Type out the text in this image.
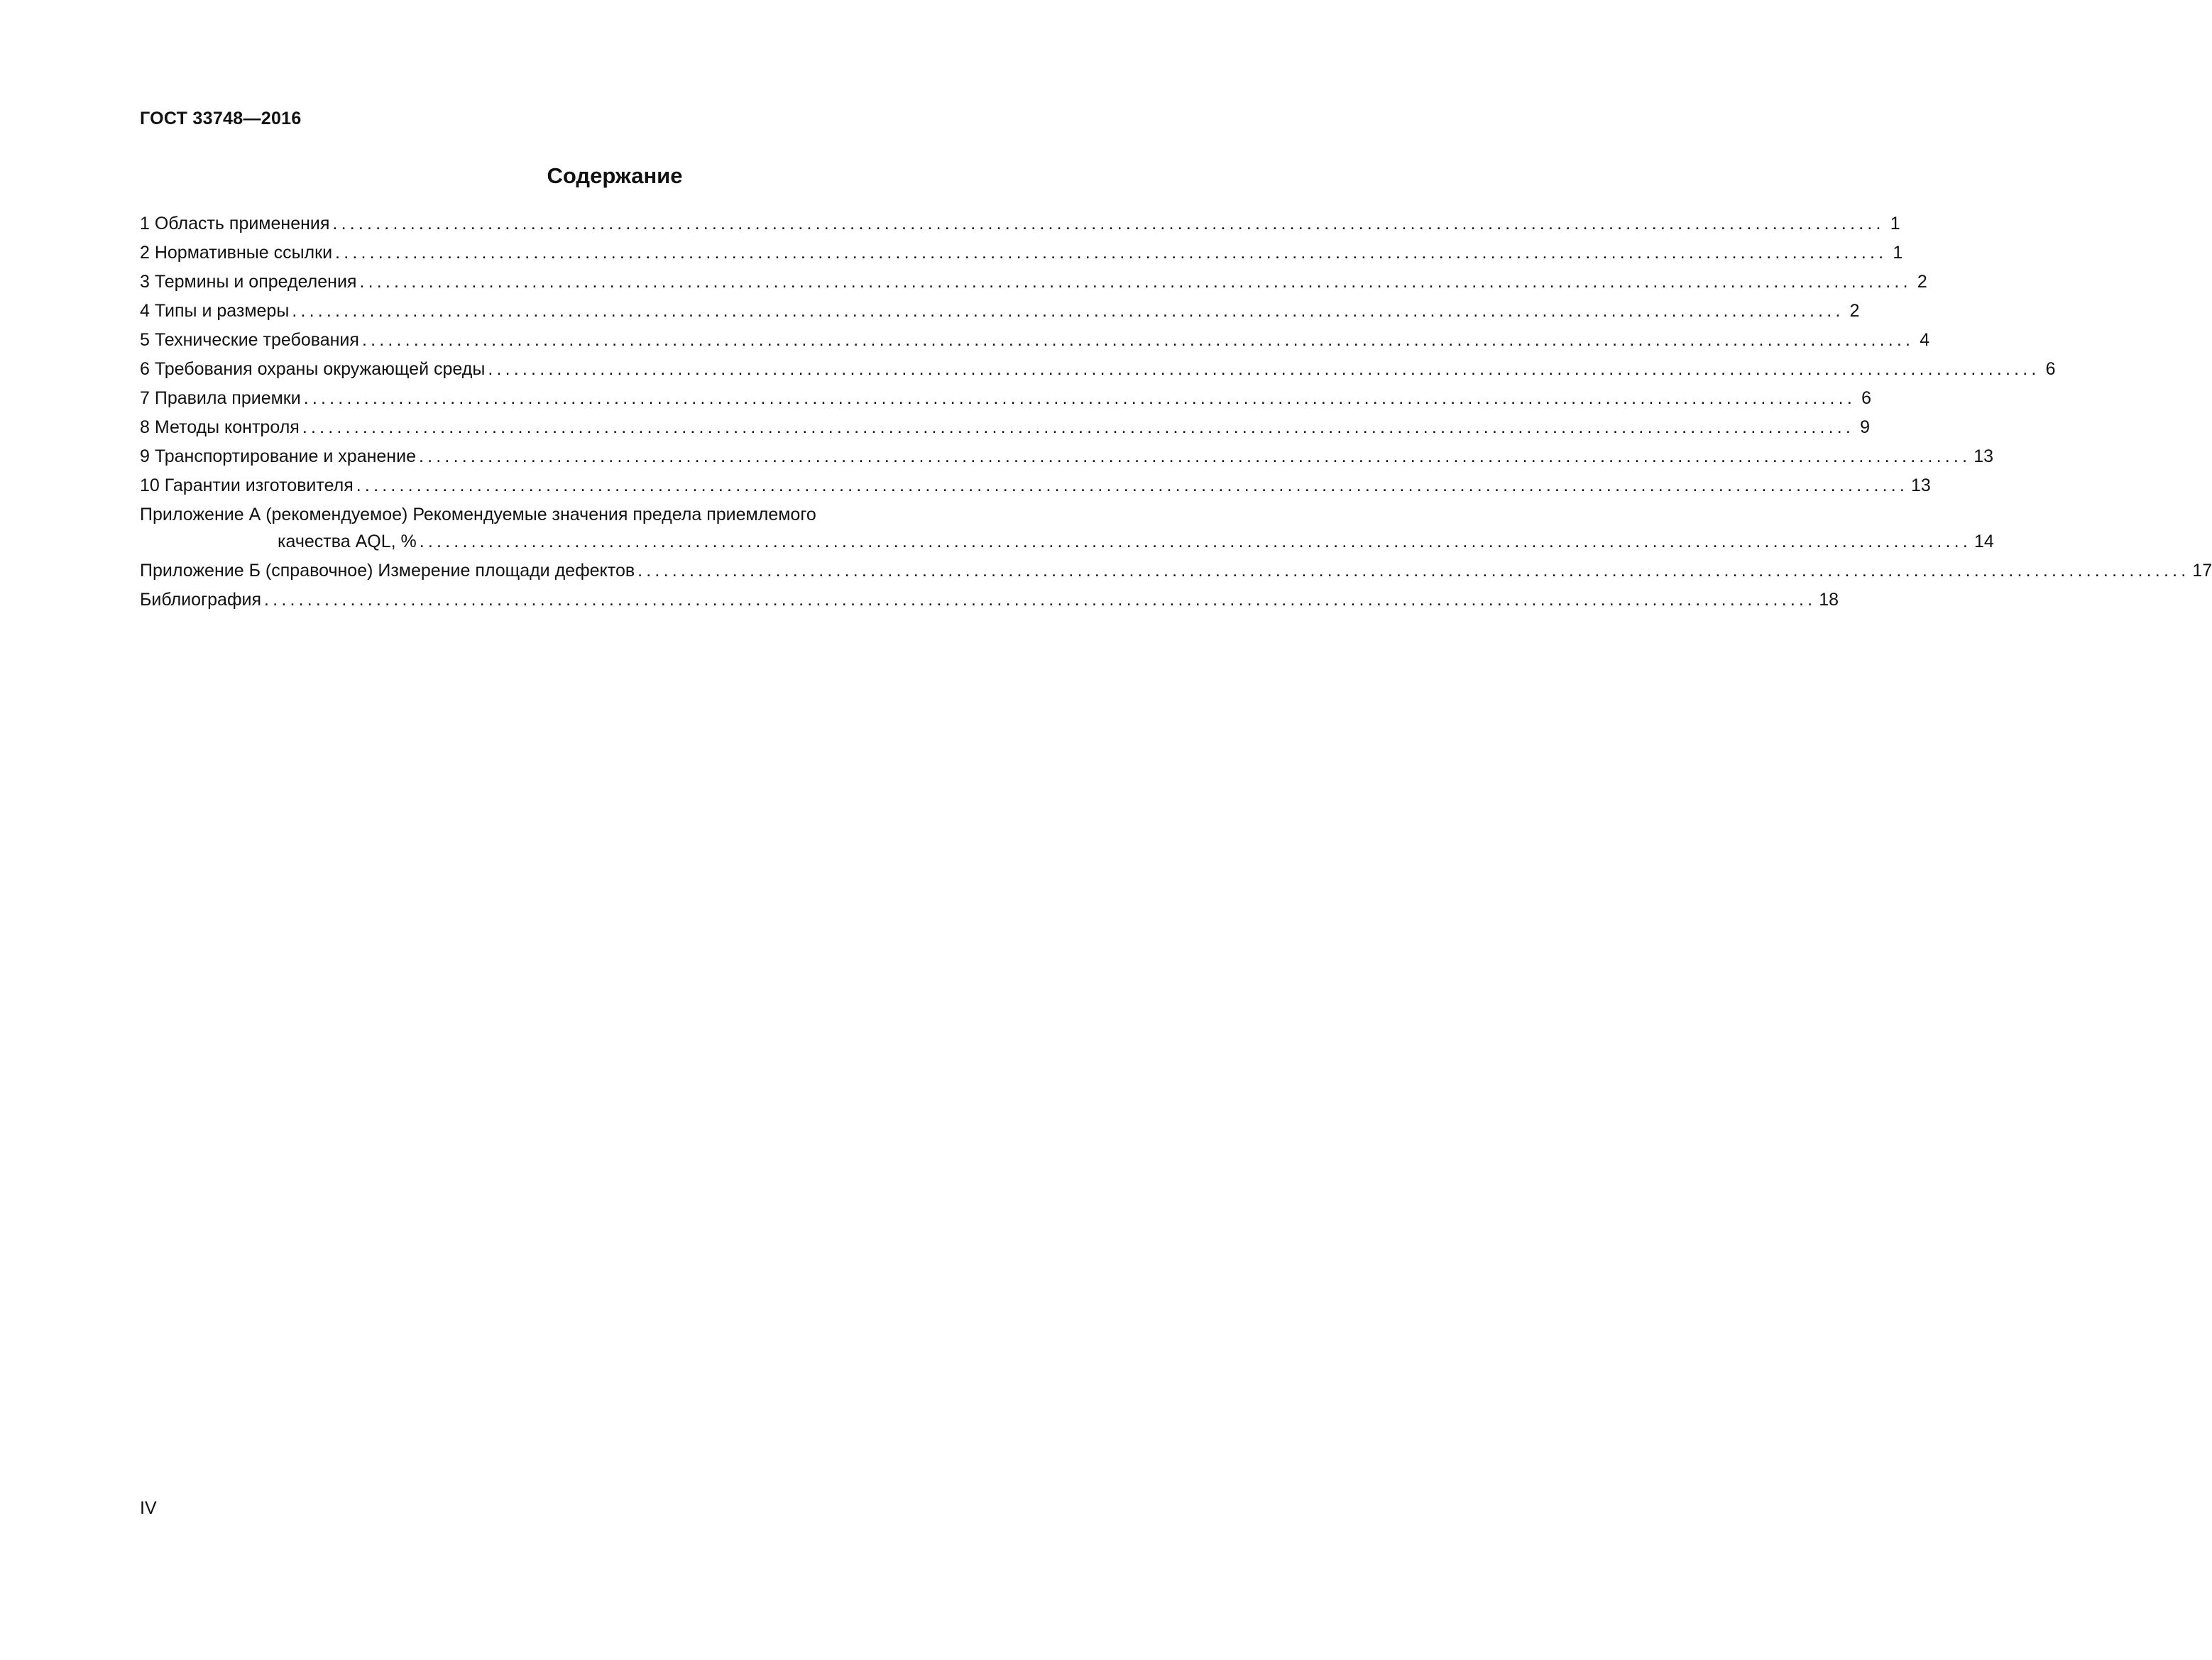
ГОСТ 33748—2016
Содержание
1 Область применения .................................................................................................................................................................................... 1
2 Нормативные ссылки .................................................................................................................................................................................... 1
3 Термины и определения .................................................................................................................................................................................... 2
4 Типы и размеры .................................................................................................................................................................................... 2
5 Технические требования .................................................................................................................................................................................... 4
6 Требования охраны окружающей среды .................................................................................................................................................................................... 6
7 Правила приемки .................................................................................................................................................................................... 6
8 Методы контроля .................................................................................................................................................................................... 9
9 Транспортирование и хранение .................................................................................................................................................................................... 13
10 Гарантии изготовителя .................................................................................................................................................................................... 13
Приложение А (рекомендуемое) Рекомендуемые значения предела приемлемого
качества AQL, % .................................................................................................................................................................................... 14
Приложение Б (справочное) Измерение площади дефектов .................................................................................................................................................................................... 17
Библиография .................................................................................................................................................................................... 18
IV
